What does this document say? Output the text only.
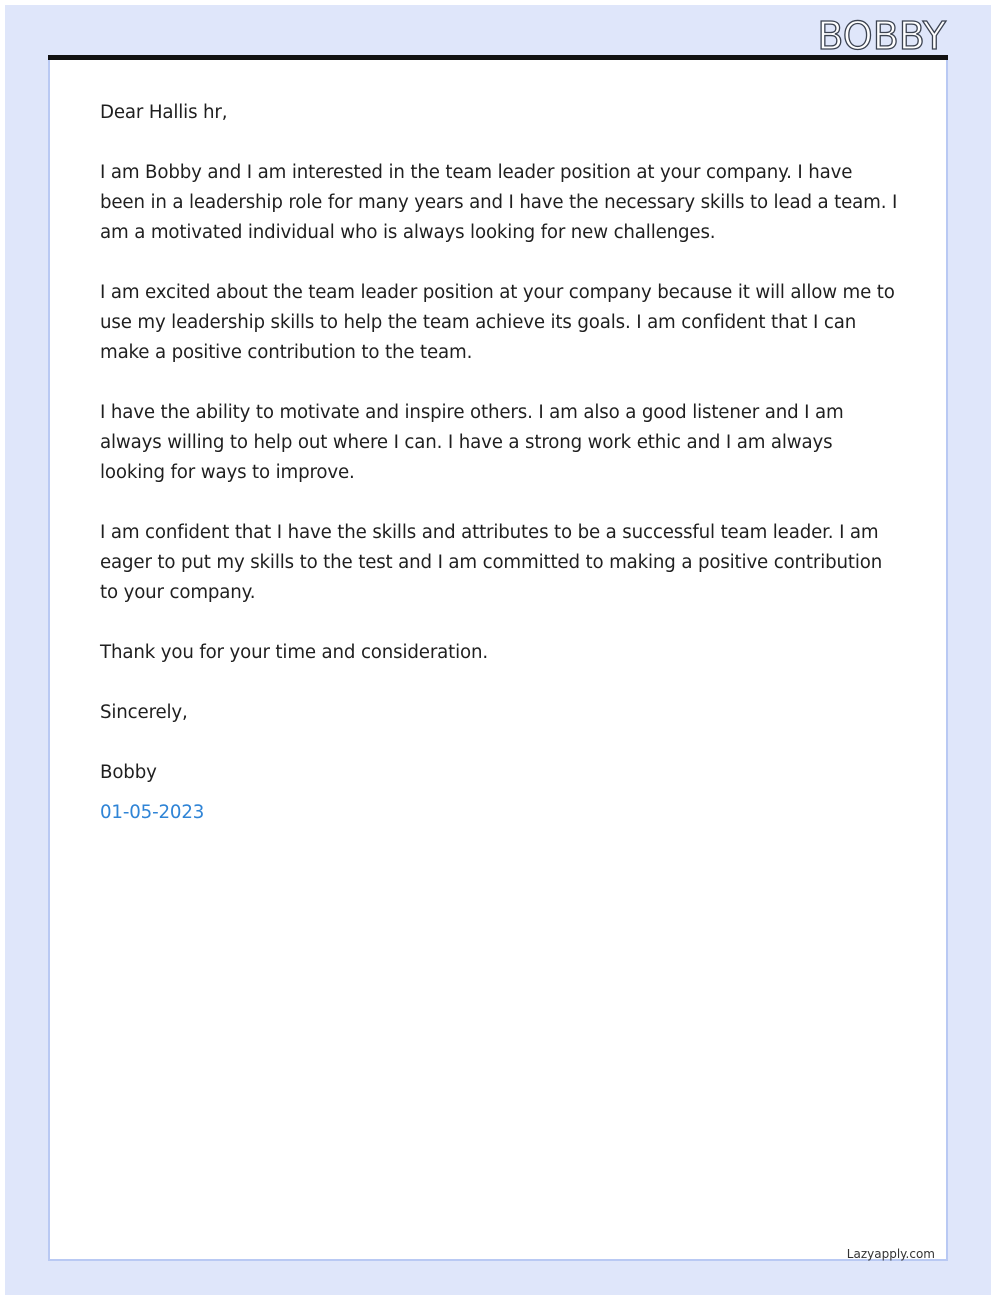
BOBBY

Dear Hallis hr,

I am Bobby and I am interested in the team leader position at your company. I have been in a leadership role for many years and I have the necessary skills to lead a team. I am a motivated individual who is always looking for new challenges.

I am excited about the team leader position at your company because it will allow me to use my leadership skills to help the team achieve its goals. I am confident that I can make a positive contribution to the team.

I have the ability to motivate and inspire others. I am also a good listener and I am always willing to help out where I can. I have a strong work ethic and I am always looking for ways to improve.

I am confident that I have the skills and attributes to be a successful team leader. I am eager to put my skills to the test and I am committed to making a positive contribution to your company.

Thank you for your time and consideration.

Sincerely,

Bobby

01-05-2023

Lazyapply.com
